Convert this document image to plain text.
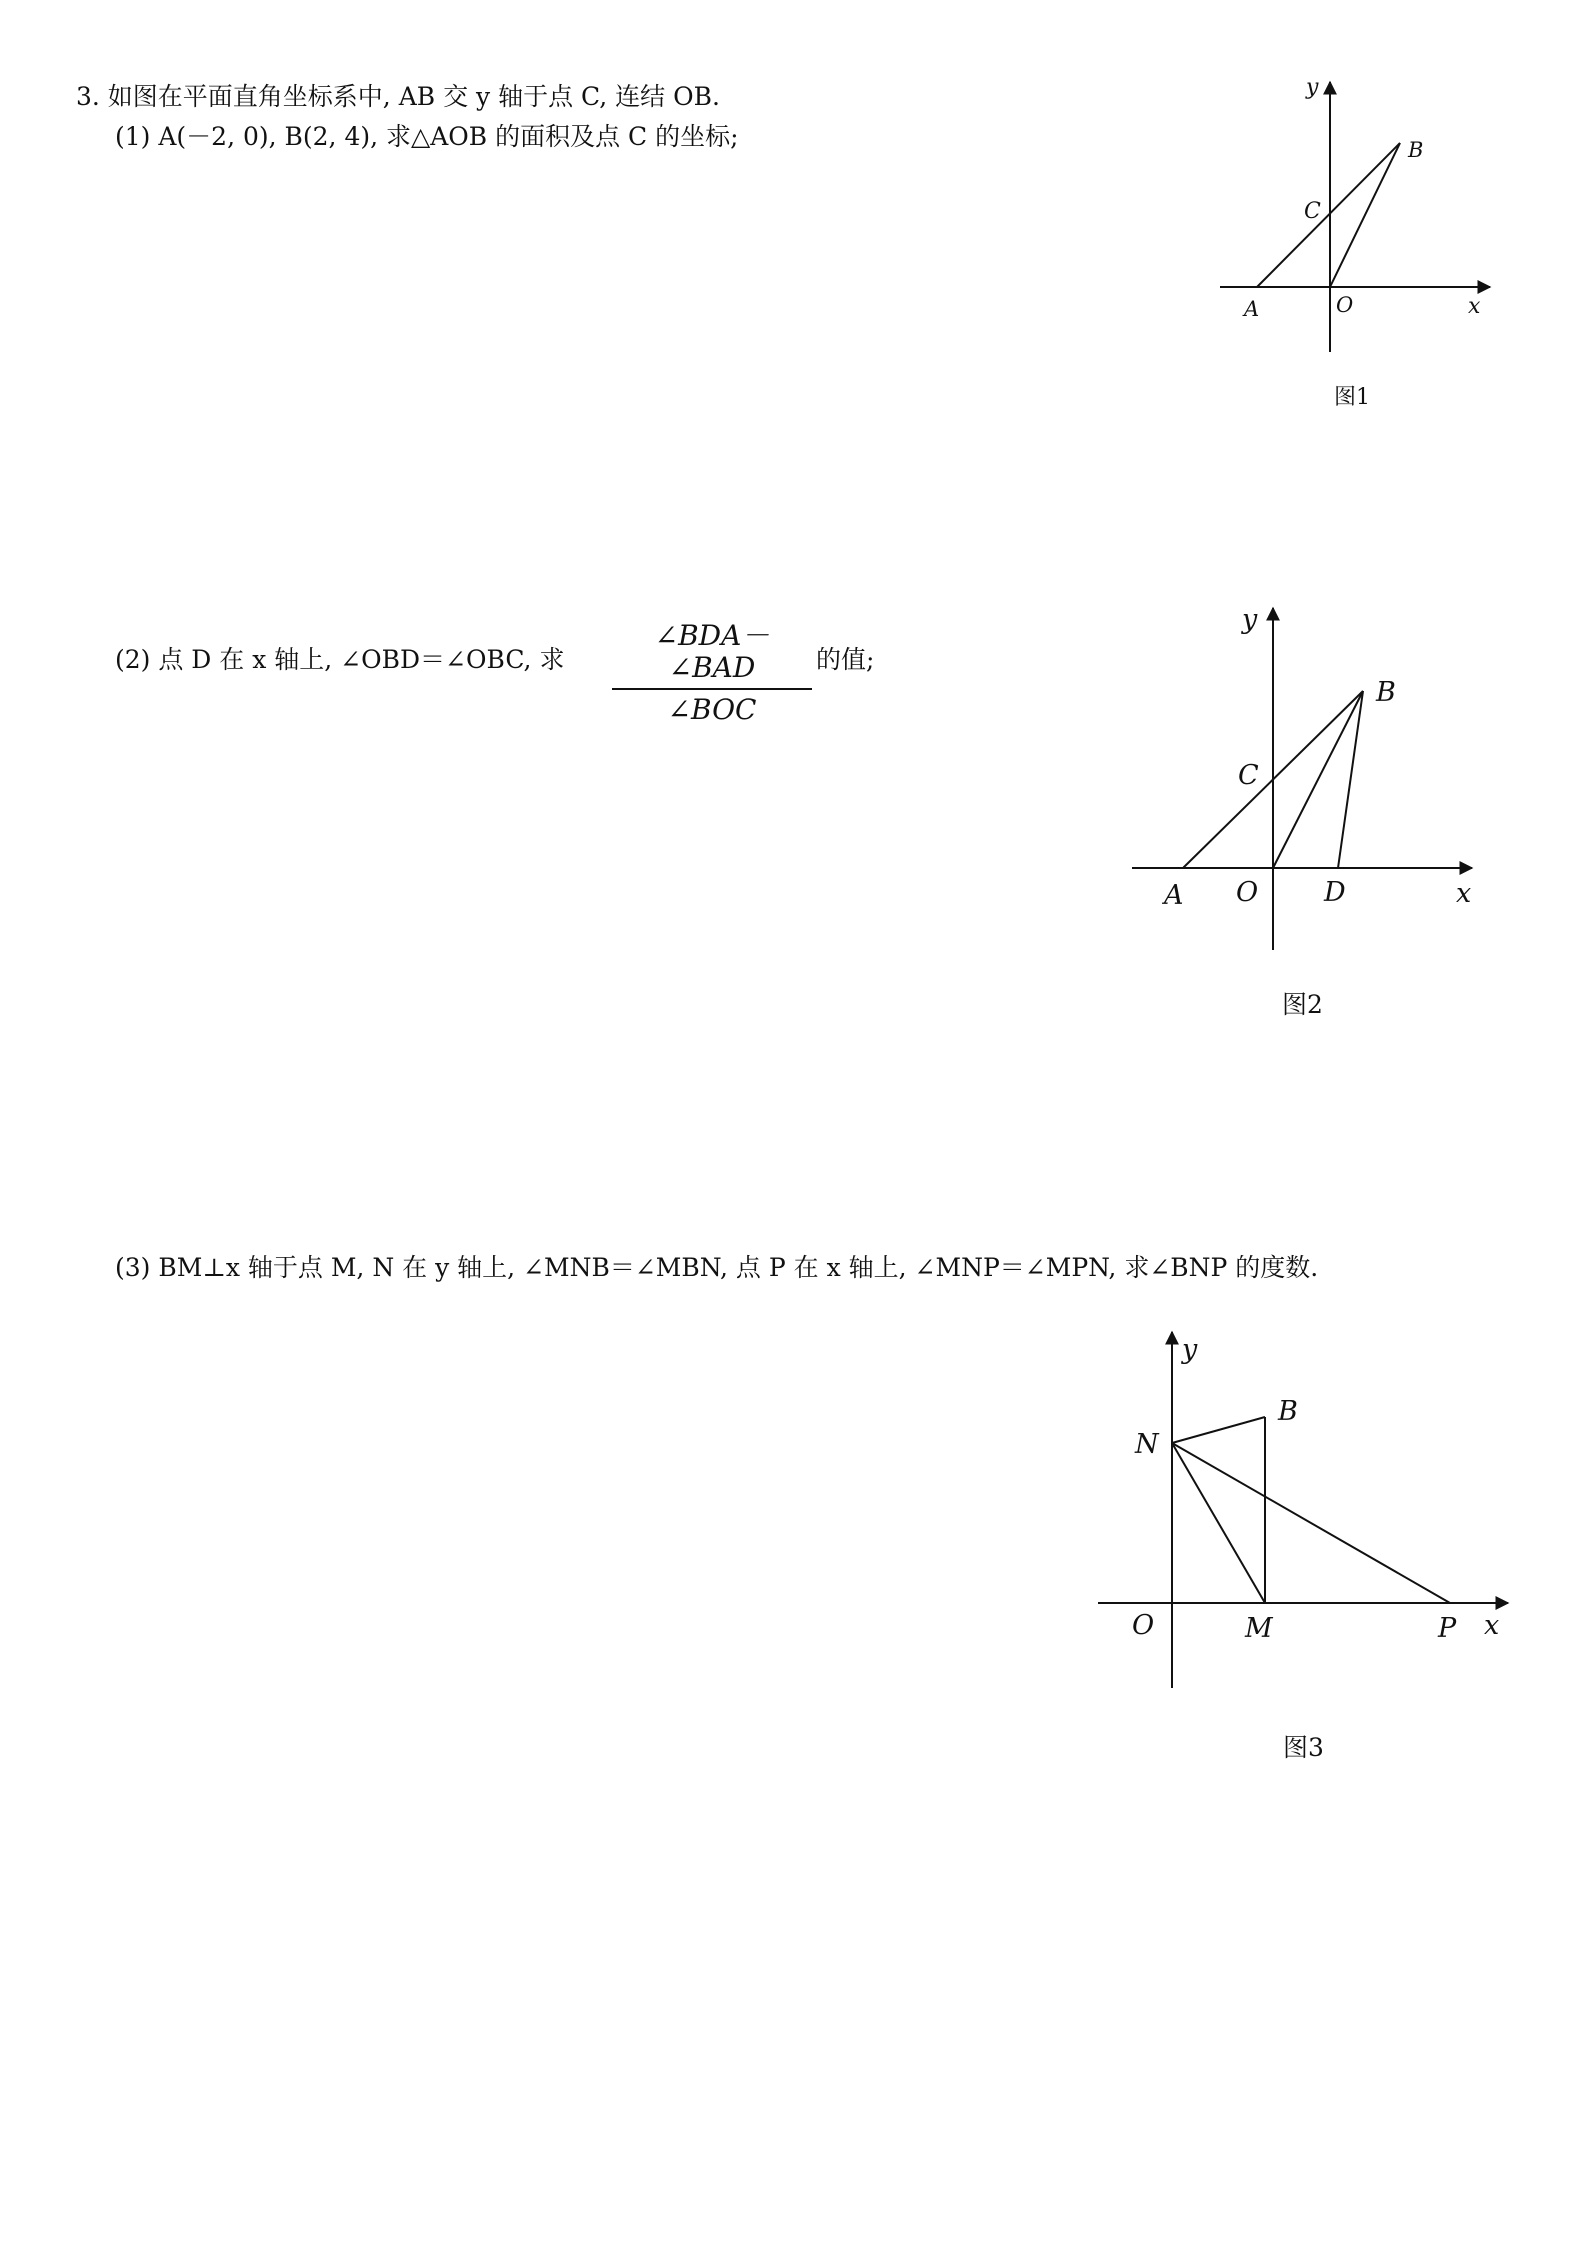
3. 如图在平面直角坐标系中, AB 交 y 轴于点 C, 连结 OB.
(1) A(－2, 0), B(2, 4), 求△AOB 的面积及点 C 的坐标;
(2) 点 D 在 x 轴上, ∠OBD＝∠OBC, 求
∠BDA－∠BAD
∠BOC
的值;
(3) BM⊥x 轴于点 M, N 在 y 轴上, ∠MNB＝∠MBN, 点 P 在 x 轴上, ∠MNP＝∠MPN, 求∠BNP 的度数.
y
x
A	O
B
C
图1
y
x
A O D
B
C
图2
y
x
N
B
O	M	P
图3
